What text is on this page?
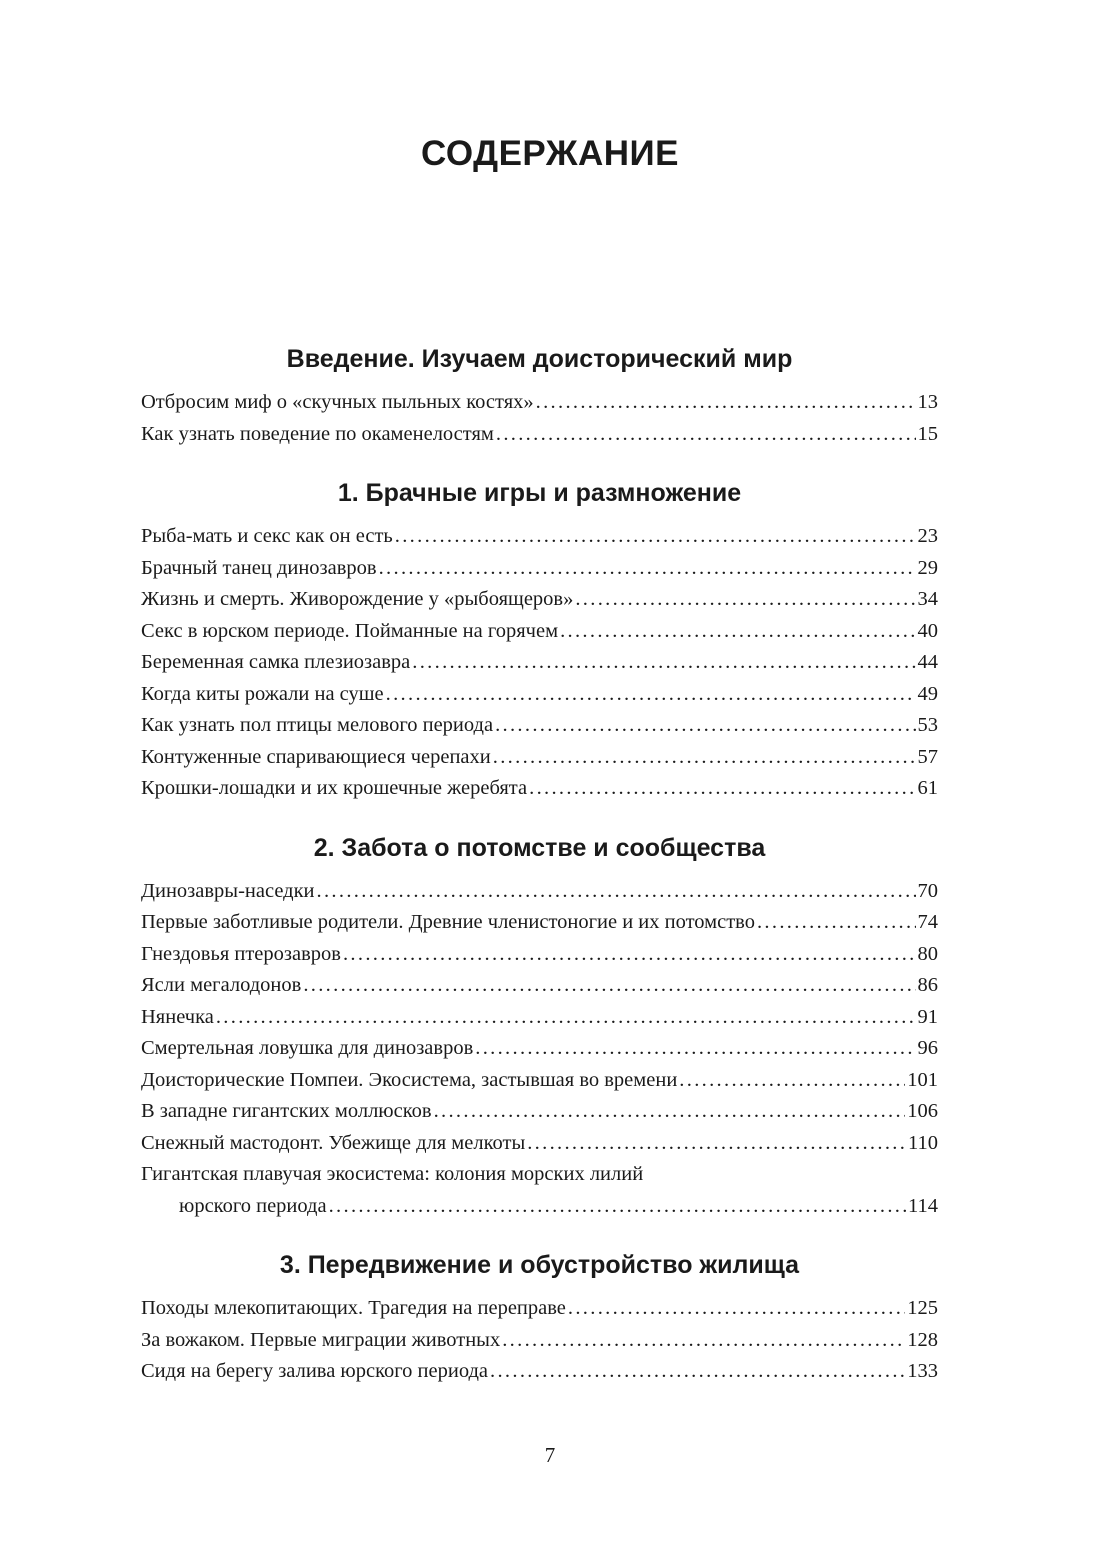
СОДЕРЖАНИЕ
Введение. Изучаем доисторический мир
Отбросим миф о «скучных пыльных костях» . . .	13
Как узнать поведение по окаменелостям . . .	15
1. Брачные игры и размножение
Рыба-мать и секс как он есть . . .	23
Брачный танец динозавров . . .	29
Жизнь и смерть. Живорождение у «рыбоящеров» . . .	34
Секс в юрском периоде. Пойманные на горячем . . .	40
Беременная самка плезиозавра . . .	44
Когда киты рожали на суше . . .	49
Как узнать пол птицы мелового периода . . .	53
Контуженные спаривающиеся черепахи . . .	57
Крошки-лошадки и их крошечные жеребята . . .	61
2. Забота о потомстве и сообщества
Динозавры-наседки . . .	70
Первые заботливые родители. Древние членистоногие и их потомство . . .	74
Гнездовья птерозавров . . .	80
Ясли мегалодонов . . .	86
Нянечка . . .	91
Смертельная ловушка для динозавров . . .	96
Доисторические Помпеи. Экосистема, застывшая во времени . . .	101
В западне гигантских моллюсков . . .	106
Снежный мастодонт. Убежище для мелкоты . . .	110
Гигантская плавучая экосистема: колония морских лилий
юрского периода . . .	114
3. Передвижение и обустройство жилища
Походы млекопитающих. Трагедия на переправе . . .	125
За вожаком. Первые миграции животных . . .	128
Сидя на берегу залива юрского периода . . .	133
7
